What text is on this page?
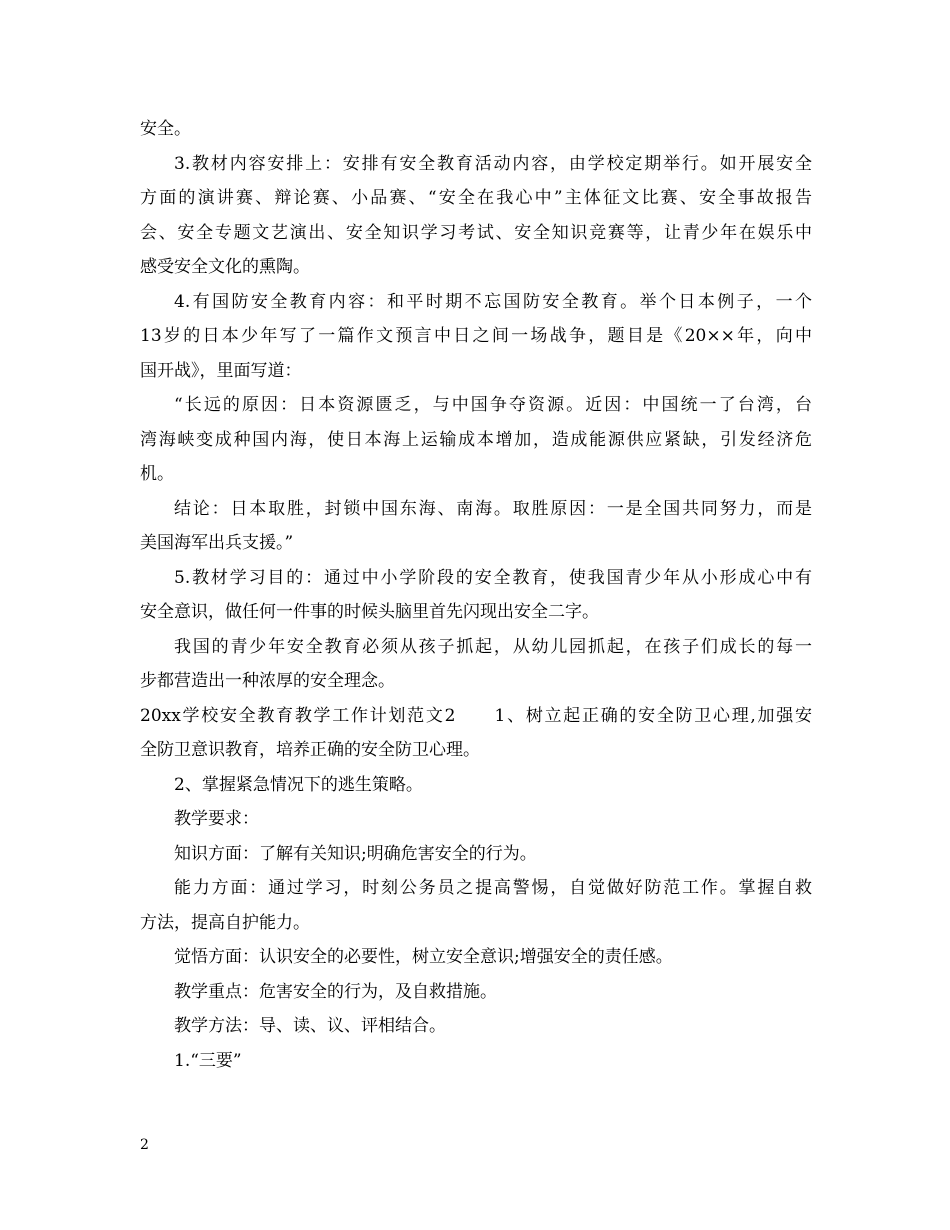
安全。
3.教材内容安排上：安排有安全教育活动内容，由学校定期举行。如开展安全
方面的演讲赛、辩论赛、小品赛、“安全在我心中”主体征文比赛、安全事故报告
会、安全专题文艺演出、安全知识学习考试、安全知识竞赛等，让青少年在娱乐中
感受安全文化的熏陶。
4.有国防安全教育内容：和平时期不忘国防安全教育。举个日本例子，一个
13岁的日本少年写了一篇作文预言中日之间一场战争，题目是《20××年，向中
国开战》，里面写道：
“长远的原因：日本资源匮乏，与中国争夺资源。近因：中国统一了台湾，台
湾海峡变成种国内海，使日本海上运输成本增加，造成能源供应紧缺，引发经济危
机。
结论：日本取胜，封锁中国东海、南海。取胜原因：一是全国共同努力，而是
美国海军出兵支援。”
5.教材学习目的：通过中小学阶段的安全教育，使我国青少年从小形成心中有
安全意识，做任何一件事的时候头脑里首先闪现出安全二字。
我国的青少年安全教育必须从孩子抓起，从幼儿园抓起，在孩子们成长的每一
步都营造出一种浓厚的安全理念。
20xx学校安全教育教学工作计划范文2　　1、树立起正确的安全防卫心理,加强安
全防卫意识教育，培养正确的安全防卫心理。
2、掌握紧急情况下的逃生策略。
教学要求：
知识方面：了解有关知识;明确危害安全的行为。
能力方面：通过学习，时刻公务员之提高警惕，自觉做好防范工作。掌握自救
方法，提高自护能力。
觉悟方面：认识安全的必要性，树立安全意识;增强安全的责任感。
教学重点：危害安全的行为，及自救措施。
教学方法：导、读、议、评相结合。
1.“三要”
2
